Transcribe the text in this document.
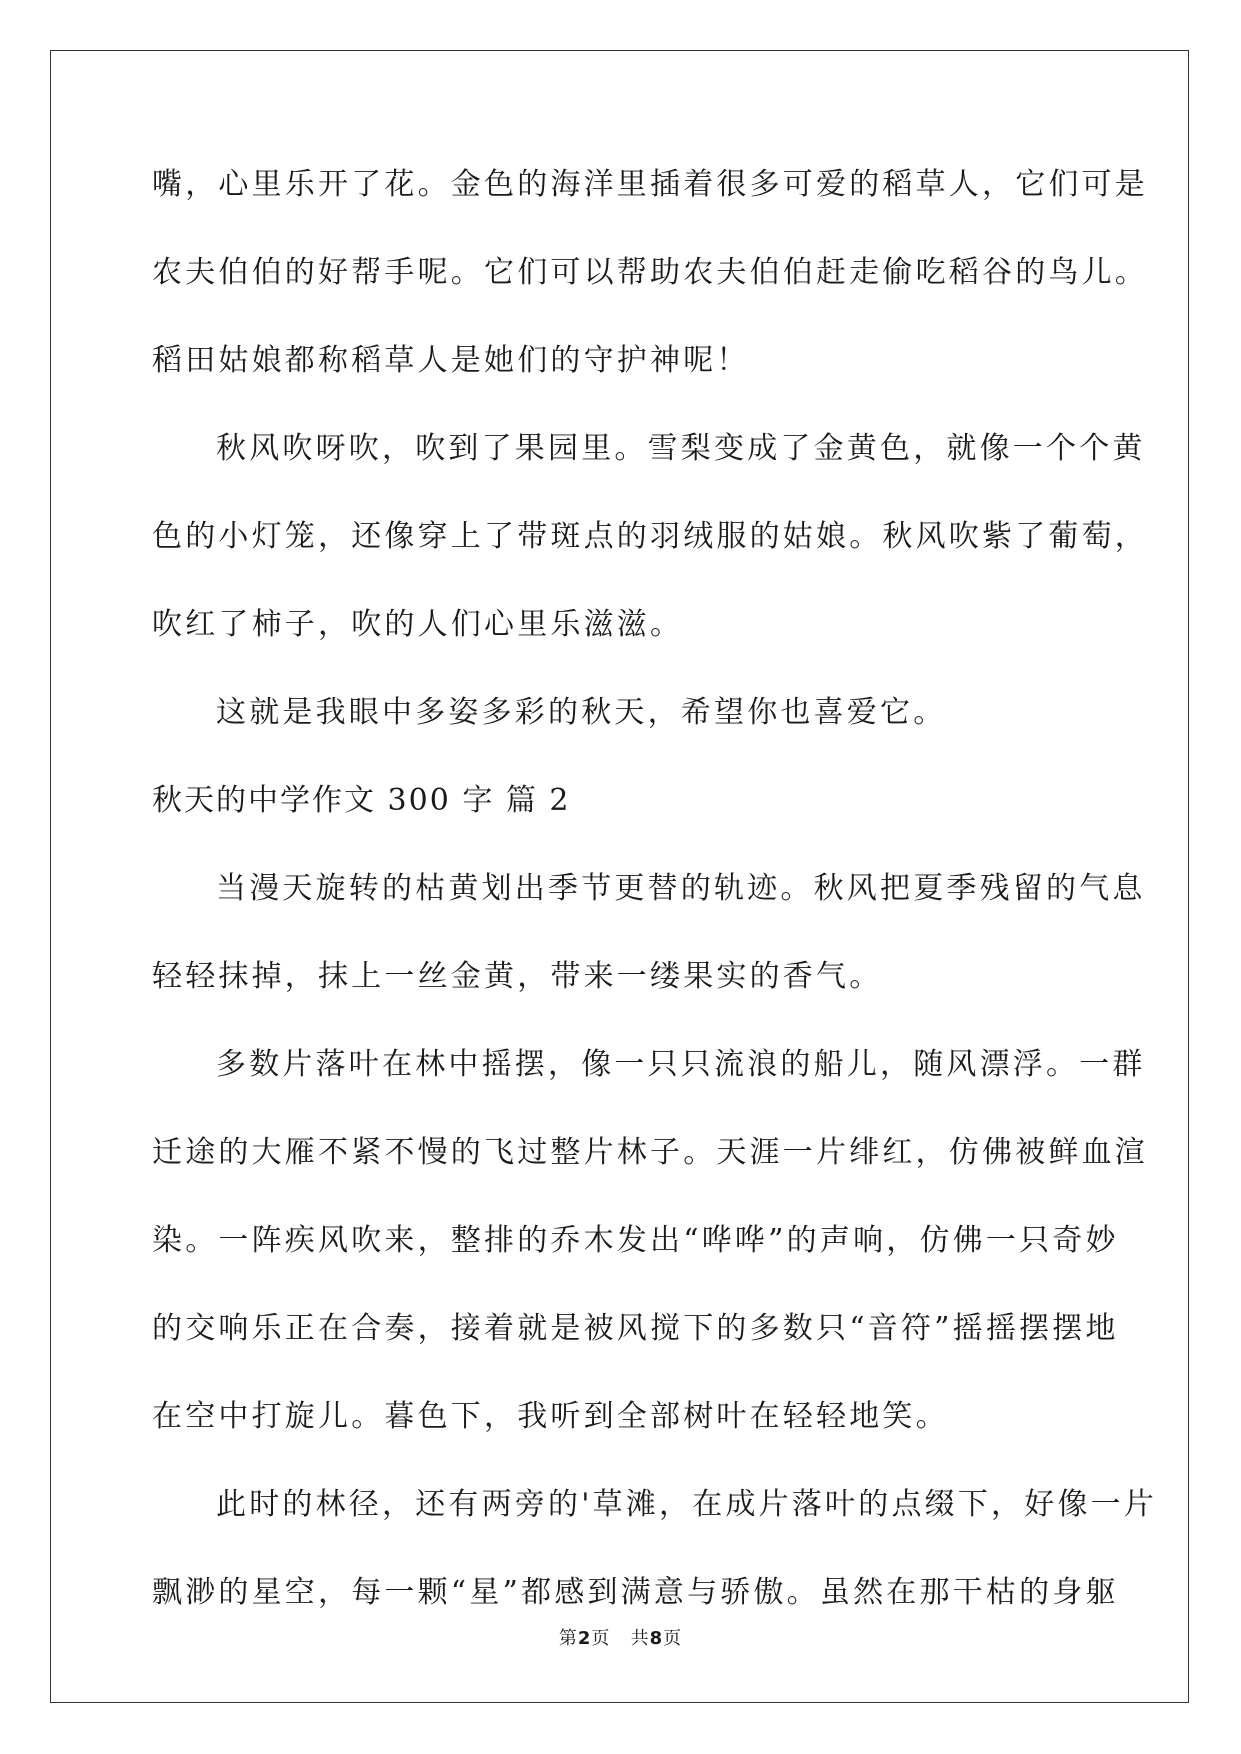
嘴，心里乐开了花。金色的海洋里插着很多可爱的稻草人，它们可是
农夫伯伯的好帮手呢。它们可以帮助农夫伯伯赶走偷吃稻谷的鸟儿。
稻田姑娘都称稻草人是她们的守护神呢！
秋风吹呀吹，吹到了果园里。雪梨变成了金黄色，就像一个个黄
色的小灯笼，还像穿上了带斑点的羽绒服的姑娘。秋风吹紫了葡萄，
吹红了柿子，吹的人们心里乐滋滋。
这就是我眼中多姿多彩的秋天，希望你也喜爱它。
秋天的中学作文 300 字 篇 2
当漫天旋转的枯黄划出季节更替的轨迹。秋风把夏季残留的气息
轻轻抹掉，抹上一丝金黄，带来一缕果实的香气。
多数片落叶在林中摇摆，像一只只流浪的船儿，随风漂浮。一群
迁途的大雁不紧不慢的飞过整片林子。天涯一片绯红，仿佛被鲜血渲
染。一阵疾风吹来，整排的乔木发出“哗哗”的声响，仿佛一只奇妙
的交响乐正在合奏，接着就是被风搅下的多数只“音符”摇摇摆摆地
在空中打旋儿。暮色下，我听到全部树叶在轻轻地笑。
此时的林径，还有两旁的'草滩，在成片落叶的点缀下，好像一片
飘渺的星空，每一颗“星”都感到满意与骄傲。虽然在那干枯的身躯
第2页 共8页
